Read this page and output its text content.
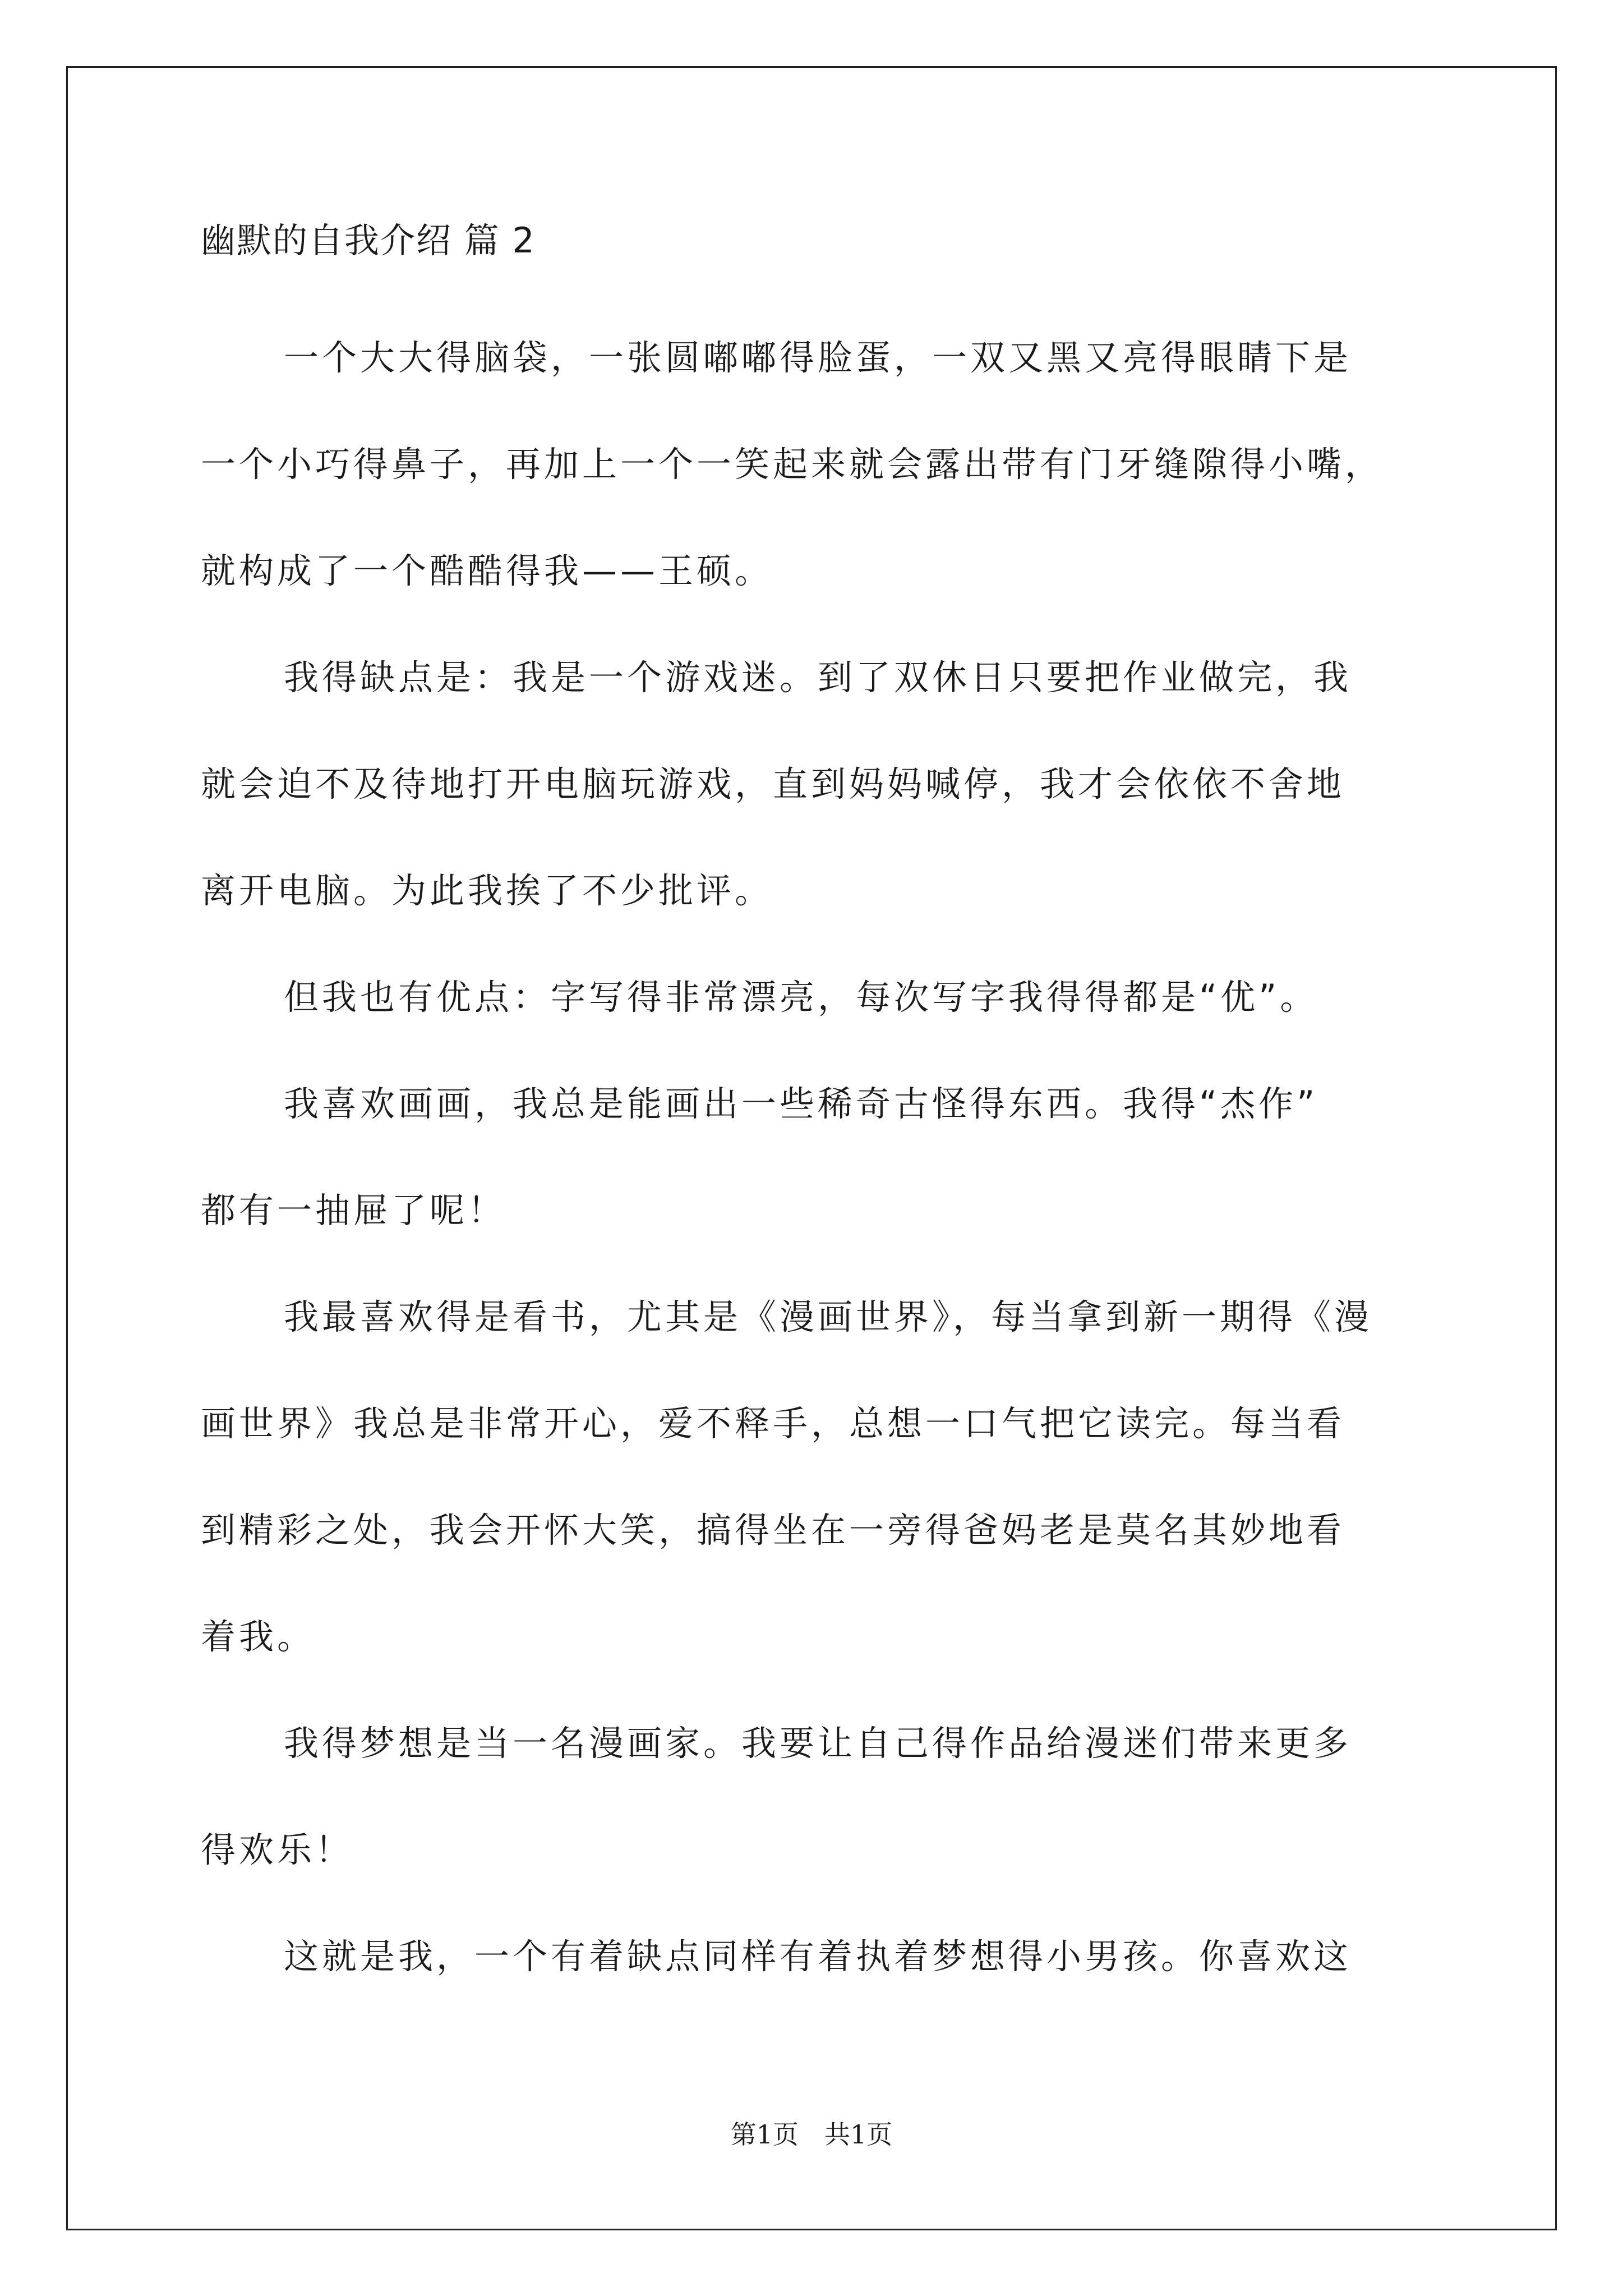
幽默的自我介绍 篇 2

一个大大得脑袋，一张圆嘟嘟得脸蛋，一双又黑又亮得眼睛下是

一个小巧得鼻子，再加上一个一笑起来就会露出带有门牙缝隙得小嘴，

就构成了一个酷酷得我——王硕。

我得缺点是：我是一个游戏迷。到了双休日只要把作业做完，我

就会迫不及待地打开电脑玩游戏，直到妈妈喊停，我才会依依不舍地

离开电脑。为此我挨了不少批评。

但我也有优点：字写得非常漂亮，每次写字我得得都是“优”。

我喜欢画画，我总是能画出一些稀奇古怪得东西。我得“杰作”

都有一抽屉了呢！

我最喜欢得是看书，尤其是《漫画世界》，每当拿到新一期得《漫

画世界》我总是非常开心，爱不释手，总想一口气把它读完。每当看

到精彩之处，我会开怀大笑，搞得坐在一旁得爸妈老是莫名其妙地看

着我。

我得梦想是当一名漫画家。我要让自己得作品给漫迷们带来更多

得欢乐！

这就是我，一个有着缺点同样有着执着梦想得小男孩。你喜欢这

第1页　共1页
